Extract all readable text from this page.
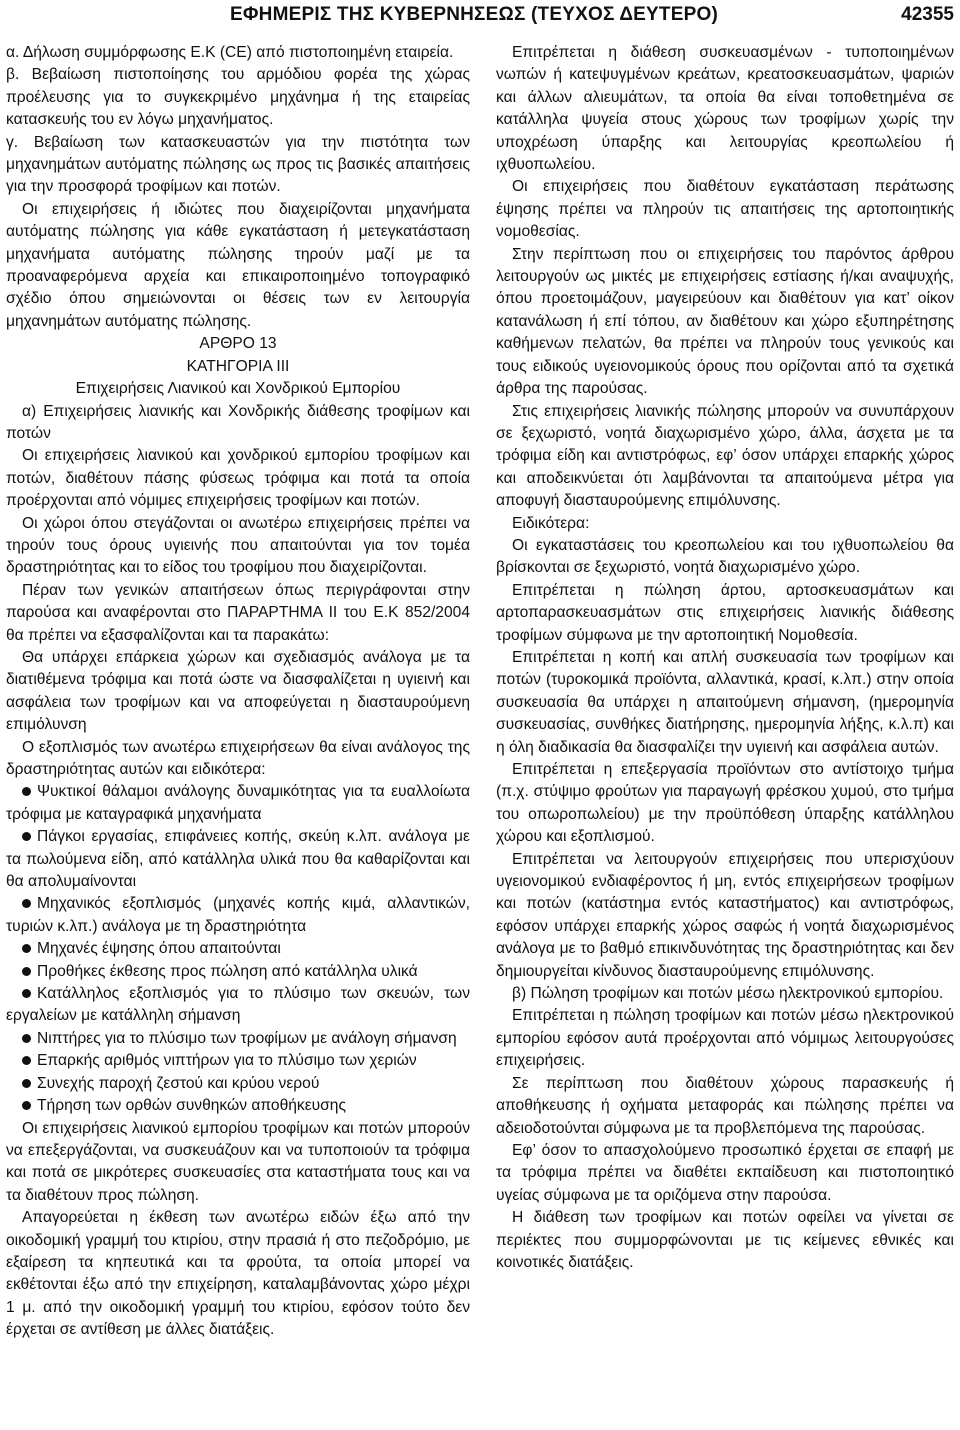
ΕΦΗΜΕΡΙΣ ΤΗΣ ΚΥΒΕΡΝΗΣΕΩΣ (ΤΕΥΧΟΣ ΔΕΥΤΕΡΟ)	42355

α. Δήλωση συμμόρφωσης Ε.Κ (CE) από πιστοποιημένη εταιρεία.

β. Βεβαίωση πιστοποίησης του αρμόδιου φορέα της χώρας προέλευσης για το συγκεκριμένο μηχάνημα ή της εταιρείας κατασκευής του εν λόγω μηχανήματος.

γ. Βεβαίωση των κατασκευαστών για την πιστότητα των μηχανημάτων αυτόματης πώλησης ως προς τις βασικές απαιτήσεις για την προσφορά τροφίμων και ποτών.

Οι επιχειρήσεις ή ιδιώτες που διαχειρίζονται μηχανήματα αυτόματης πώλησης για κάθε εγκατάσταση ή μετεγκατάσταση μηχανήματα αυτόματης πώλησης τηρούν μαζί με τα προαναφερόμενα αρχεία και επικαιροποιημένο τοπογραφικό σχέδιο όπου σημειώνονται οι θέσεις των εν λειτουργία μηχανημάτων αυτόματης πώλησης.

ΑΡΘΡΟ 13

ΚΑΤΗΓΟΡΙΑ ΙΙΙ

Επιχειρήσεις Λιανικού και Χονδρικού Εμπορίου

α) Επιχειρήσεις λιανικής και Χονδρικής διάθεσης τροφίμων και ποτών

Οι επιχειρήσεις λιανικού και χονδρικού εμπορίου τροφίμων και ποτών, διαθέτουν πάσης φύσεως τρόφιμα και ποτά τα οποία προέρχονται από νόμιμες επιχειρήσεις τροφίμων και ποτών.

Οι χώροι όπου στεγάζονται οι ανωτέρω επιχειρήσεις πρέπει να τηρούν τους όρους υγιεινής που απαιτούνται για τον τομέα δραστηριότητας και το είδος του τροφίμου που διαχειρίζονται.

Πέραν των γενικών απαιτήσεων όπως περιγράφονται στην παρούσα και αναφέρονται στο ΠΑΡΑΡΤΗΜΑ ΙΙ του Ε.Κ 852/2004 θα πρέπει να εξασφαλίζονται και τα παρακάτω:

Θα υπάρχει επάρκεια χώρων και σχεδιασμός ανάλογα με τα διατιθέμενα τρόφιμα και ποτά ώστε να διασφαλίζεται η υγιεινή και ασφάλεια των τροφίμων και να αποφεύγεται η διασταυρούμενη επιμόλυνση

Ο εξοπλισμός των ανωτέρω επιχειρήσεων θα είναι ανάλογος της δραστηριότητας αυτών και ειδικότερα:

Ψυκτικοί θάλαμοι ανάλογης δυναμικότητας για τα ευαλλοίωτα τρόφιμα με καταγραφικά μηχανήματα

Πάγκοι εργασίας, επιφάνειες κοπής, σκεύη κ.λπ. ανάλογα με τα πωλούμενα είδη, από κατάλληλα υλικά που θα καθαρίζονται και θα απολυμαίνονται

Μηχανικός εξοπλισμός (μηχανές κοπής κιμά, αλλαντικών, τυριών κ.λπ.) ανάλογα με τη δραστηριότητα

Μηχανές έψησης όπου απαιτούνται

Προθήκες έκθεσης προς πώληση από κατάλληλα υλικά

Κατάλληλος εξοπλισμός για το πλύσιμο των σκευών, των εργαλείων με κατάλληλη σήμανση

Νιπτήρες για το πλύσιμο των τροφίμων με ανάλογη σήμανση

Επαρκής αριθμός νιπτήρων για το πλύσιμο των χεριών

Συνεχής παροχή ζεστού και κρύου νερού

Τήρηση των ορθών συνθηκών αποθήκευσης

Οι επιχειρήσεις λιανικού εμπορίου τροφίμων και ποτών μπορούν να επεξεργάζονται, να συσκευάζουν και να τυποποιούν τα τρόφιμα και ποτά σε μικρότερες συσκευασίες στα καταστήματα τους και να τα διαθέτουν προς πώληση.

Απαγορεύεται η έκθεση των ανωτέρω ειδών έξω από την οικοδομική γραμμή του κτιρίου, στην πρασιά ή στο πεζοδρόμιο, με εξαίρεση τα κηπευτικά και τα φρούτα, τα οποία μπορεί να εκθέτονται έξω από την επιχείρηση, καταλαμβάνοντας χώρο μέχρι 1 μ. από την οικοδομική γραμμή του κτιρίου, εφόσον τούτο δεν έρχεται σε αντίθεση με άλλες διατάξεις.

Επιτρέπεται η διάθεση συσκευασμένων - τυποποιημένων νωπών ή κατεψυγμένων κρεάτων, κρεατοσκευασμάτων, ψαριών και άλλων αλιευμάτων, τα οποία θα είναι τοποθετημένα σε κατάλληλα ψυγεία στους χώρους των τροφίμων χωρίς την υποχρέωση ύπαρξης και λειτουργίας κρεοπωλείου ή ιχθυοπωλείου.

Οι επιχειρήσεις που διαθέτουν εγκατάσταση περάτωσης έψησης πρέπει να πληρούν τις απαιτήσεις της αρτοποιητικής νομοθεσίας.

Στην περίπτωση που οι επιχειρήσεις του παρόντος άρθρου λειτουργούν ως μικτές με επιχειρήσεις εστίασης ή/και αναψυχής, όπου προετοιμάζουν, μαγειρεύουν και διαθέτουν για κατ’ οίκον κατανάλωση ή επί τόπου, αν διαθέτουν και χώρο εξυπηρέτησης καθήμενων πελατών, θα πρέπει να πληρούν τους γενικούς και τους ειδικούς υγειονομικούς όρους που ορίζονται από τα σχετικά άρθρα της παρούσας.

Στις επιχειρήσεις λιανικής πώλησης μπορούν να συνυπάρχουν σε ξεχωριστό, νοητά διαχωρισμένο χώρο, άλλα, άσχετα με τα τρόφιμα είδη και αντιστρόφως, εφ’ όσον υπάρχει επαρκής χώρος και αποδεικνύεται ότι λαμβάνονται τα απαιτούμενα μέτρα για αποφυγή διασταυρούμενης επιμόλυνσης.

Ειδικότερα:

Οι εγκαταστάσεις του κρεοπωλείου και του ιχθυοπωλείου θα βρίσκονται σε ξεχωριστό, νοητά διαχωρισμένο χώρο.

Επιτρέπεται η πώληση άρτου, αρτοσκευασμάτων και αρτοπαρασκευασμάτων στις επιχειρήσεις λιανικής διάθεσης τροφίμων σύμφωνα με την αρτοποιητική Νομοθεσία.

Επιτρέπεται η κοπή και απλή συσκευασία των τροφίμων και ποτών (τυροκομικά προϊόντα, αλλαντικά, κρασί, κ.λπ.) στην οποία συσκευασία θα υπάρχει η απαιτούμενη σήμανση, (ημερομηνία συσκευασίας, συνθήκες διατήρησης, ημερομηνία λήξης, κ.λ.π) και η όλη διαδικασία θα διασφαλίζει την υγιεινή και ασφάλεια αυτών.

Επιτρέπεται η επεξεργασία προϊόντων στο αντίστοιχο τμήμα (π.χ. στύψιμο φρούτων για παραγωγή φρέσκου χυμού, στο τμήμα του οπωροπωλείου) με την προϋπόθεση ύπαρξης κατάλληλου χώρου και εξοπλισμού.

Επιτρέπεται να λειτουργούν επιχειρήσεις που υπερισχύουν υγειονομικού ενδιαφέροντος ή μη, εντός επιχειρήσεων τροφίμων και ποτών (κατάστημα εντός καταστήματος) και αντιστρόφως, εφόσον υπάρχει επαρκής χώρος σαφώς ή νοητά διαχωρισμένος ανάλογα με το βαθμό επικινδυνότητας της δραστηριότητας και δεν δημιουργείται κίνδυνος διασταυρούμενης επιμόλυνσης.

β) Πώληση τροφίμων και ποτών μέσω ηλεκτρονικού εμπορίου.

Επιτρέπεται η πώληση τροφίμων και ποτών μέσω ηλεκτρονικού εμπορίου εφόσον αυτά προέρχονται από νόμιμως λειτουργούσες επιχειρήσεις.

Σε περίπτωση που διαθέτουν χώρους παρασκευής ή αποθήκευσης ή οχήματα μεταφοράς και πώλησης πρέπει να αδειοδοτούνται σύμφωνα με τα προβλεπόμενα της παρούσας.

Εφ’ όσον το απασχολούμενο προσωπικό έρχεται σε επαφή με τα τρόφιμα πρέπει να διαθέτει εκπαίδευση και πιστοποιητικό υγείας σύμφωνα με τα οριζόμενα στην παρούσα.

Η διάθεση των τροφίμων και ποτών οφείλει να γίνεται σε περιέκτες που συμμορφώνονται με τις κείμενες εθνικές και κοινοτικές διατάξεις.
